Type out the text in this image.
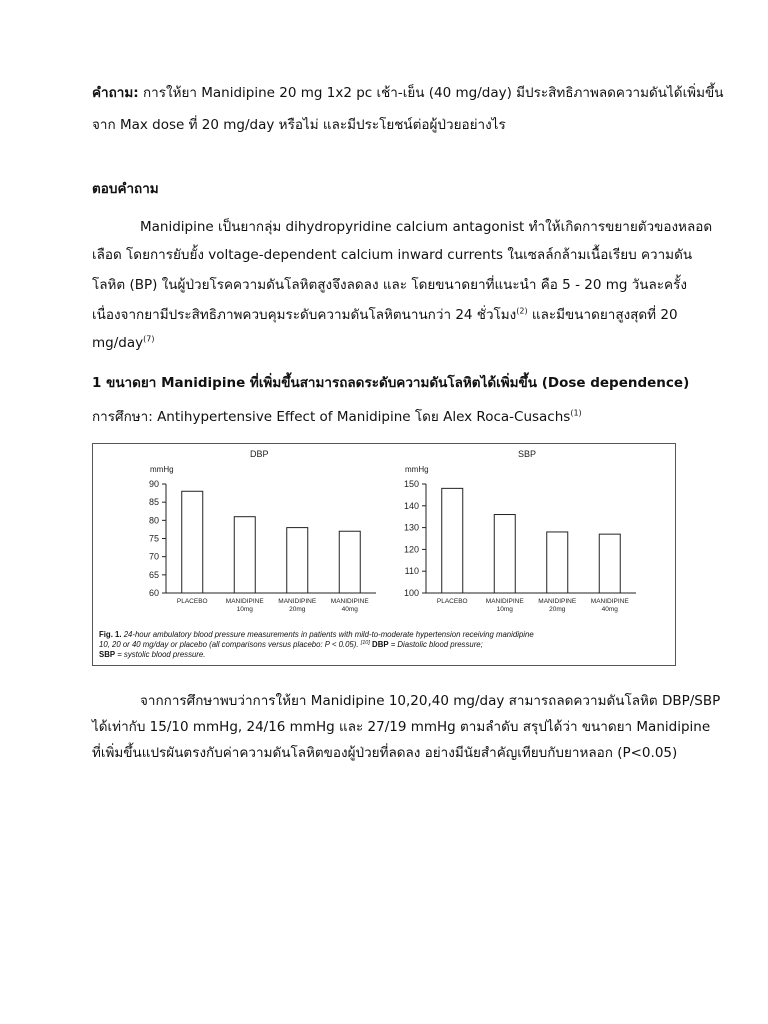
คำถาม: การให้ยา Manidipine 20 mg 1x2 pc เช้า-เย็น (40 mg/day) มีประสิทธิภาพลดความดันได้เพิ่มขึ้น
จาก Max dose ที่ 20 mg/day หรือไม่ และมีประโยชน์ต่อผู้ป่วยอย่างไร
ตอบคำถาม
Manidipine เป็นยากลุ่ม dihydropyridine calcium antagonist ทำให้เกิดการขยายตัวของหลอด
เลือด โดยการยับยั้ง voltage-dependent calcium inward currents ในเซลล์กล้ามเนื้อเรียบ ความดัน
โลหิต (BP) ในผู้ป่วยโรคความดันโลหิตสูงจึงลดลง และ โดยขนาดยาที่แนะนำ คือ 5 - 20 mg วันละครั้ง
เนื่องจากยามีประสิทธิภาพควบคุมระดับความดันโลหิตนานกว่า 24 ชั่วโมง$^{(2)}$ และมีขนาดยาสูงสุดที่ 20
mg/day$^{(7)}$
1 ขนาดยา Manidipine ที่เพิ่มขึ้นสามารถลดระดับความดันโลหิตได้เพิ่มขึ้น (Dose dependence)
การศึกษา: Antihypertensive Effect of Manidipine โดย Alex Roca-Cusachs$^{(1)}$
DBP
mmHg
60
65
70
75
80
85
90
PLACEBO	MANIDIPINE
10mg
MANIDIPINE
20mg
MANIDIPINE
40mg
SBP
mmHg
100
110
120
130
140
150
PLACEBO	MANIDIPINE
10mg
MANIDIPINE
20mg
MANIDIPINE
40mg
Fig. 1. 24-hour ambulatory blood pressure measurements in patients with mild-to-moderate hypertension receiving manidipine
10, 20 or 40 mg/day or placebo (all comparisons versus placebo: P < 0.05). [10] DBP = Diastolic blood pressure;
SBP = systolic blood pressure.
จากการศึกษาพบว่าการให้ยา Manidipine 10,20,40 mg/day สามารถลดความดันโลหิต DBP/SBP
ได้เท่ากับ 15/10 mmHg, 24/16 mmHg และ 27/19 mmHg ตามลำดับ สรุปได้ว่า ขนาดยา Manidipine
ที่เพิ่มขึ้นแปรผันตรงกับค่าความดันโลหิตของผู้ป่วยที่ลดลง อย่างมีนัยสำคัญเทียบกับยาหลอก (P<0.05)
